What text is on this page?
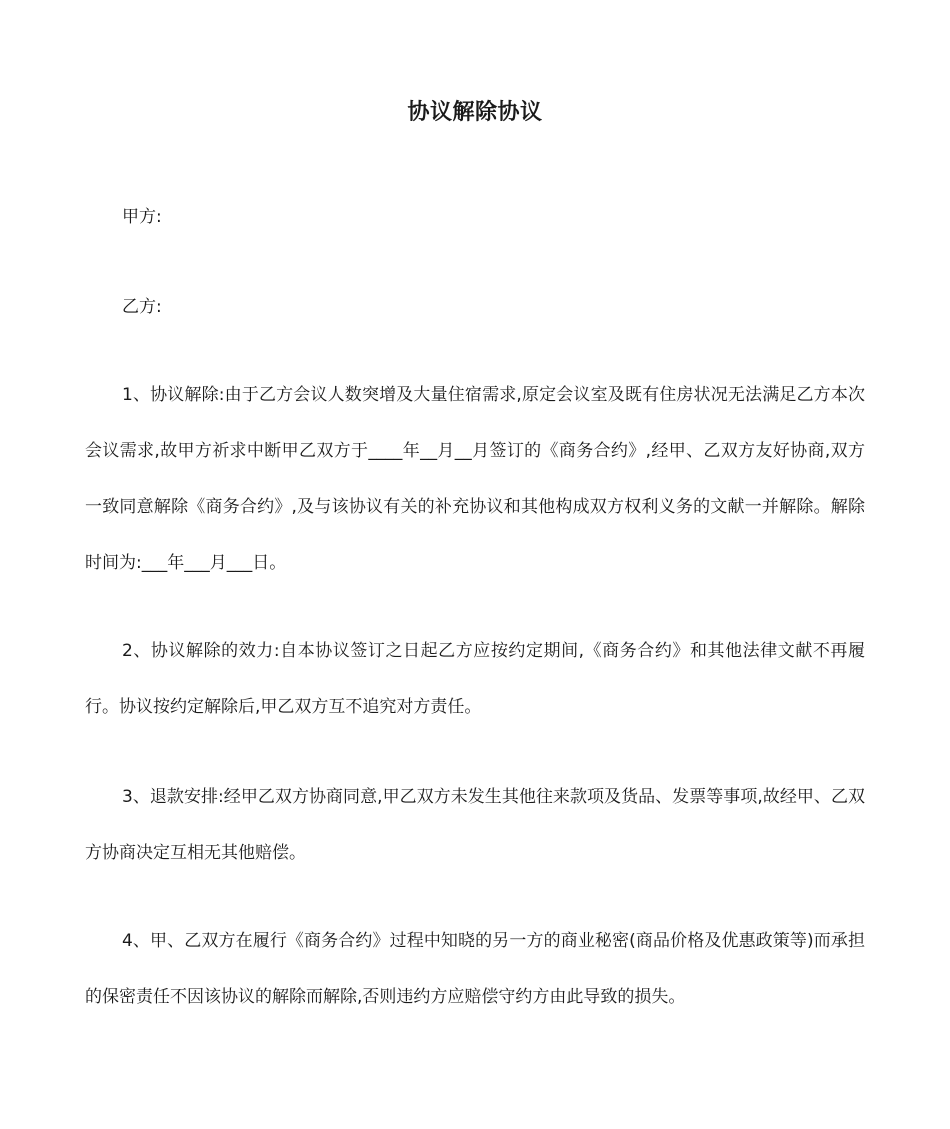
协议解除协议
甲方:
乙方:

1、协议解除:由于乙方会议人数突增及大量住宿需求,原定会议室及既有住房状况无法满足乙方本次会议需求,故甲方祈求中断甲乙双方于____年__月__月签订的《商务合约》,经甲、乙双方友好协商,双方一致同意解除《商务合约》,及与该协议有关的补充协议和其他构成双方权利义务的文献一并解除。解除时间为:___年___月___日。

2、协议解除的效力:自本协议签订之日起乙方应按约定期间,《商务合约》和其他法律文献不再履行。协议按约定解除后,甲乙双方互不追究对方责任。

3、退款安排:经甲乙双方协商同意,甲乙双方未发生其他往来款项及货品、发票等事项,故经甲、乙双方协商决定互相无其他赔偿。

4、甲、乙双方在履行《商务合约》过程中知晓的另一方的商业秘密(商品价格及优惠政策等)而承担的保密责任不因该协议的解除而解除,否则违约方应赔偿守约方由此导致的损失。
